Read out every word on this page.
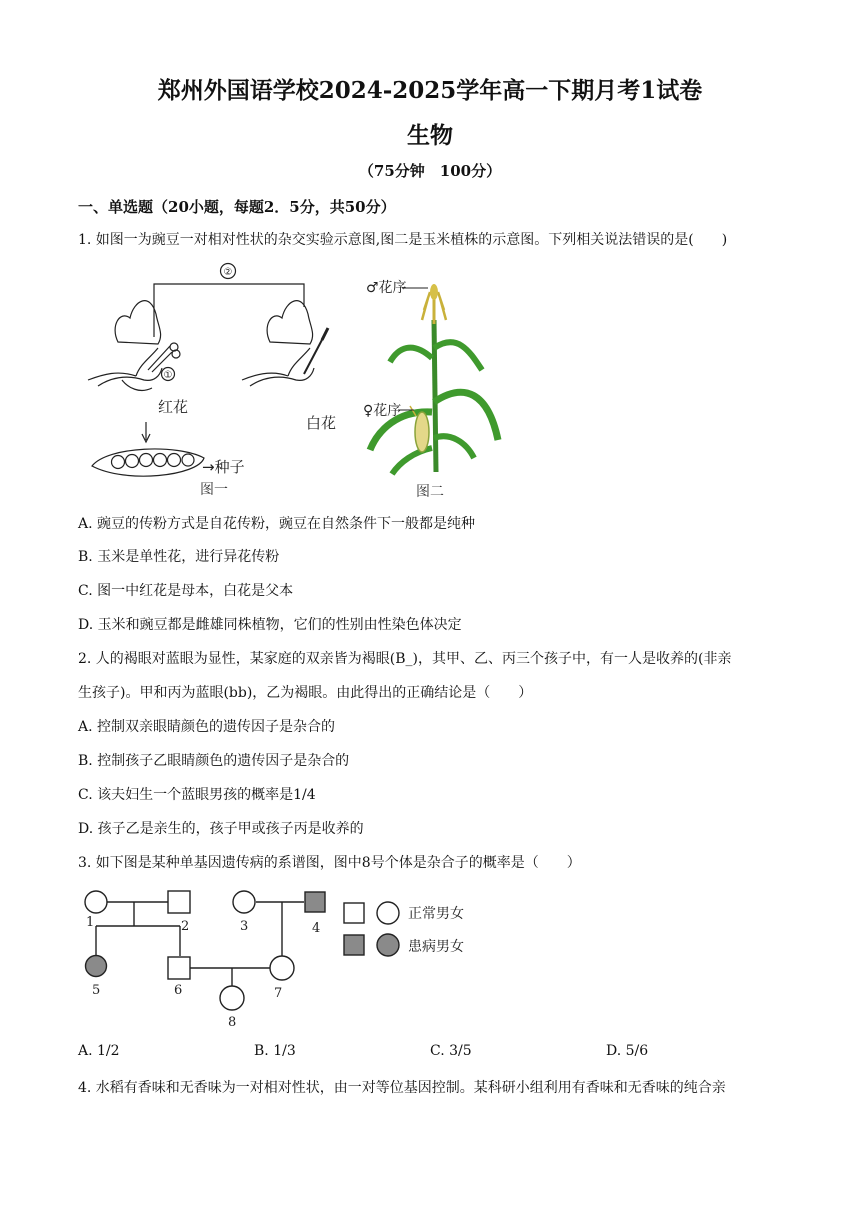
郑州外国语学校2024-2025学年高一下期月考1试卷
生物
（75分钟　100分）
一、单选题（20小题，每题2．5分，共50分）
1. 如图一为豌豆一对相对性状的杂交实验示意图,图二是玉米植株的示意图。下列相关说法错误的是(　　)
②
①
红花
白花
→种子
图一
♂花序
♀花序
图二
A. 豌豆的传粉方式是自花传粉，豌豆在自然条件下一般都是纯种
B. 玉米是单性花，进行异花传粉
C. 图一中红花是母本，白花是父本
D. 玉米和豌豆都是雌雄同株植物，它们的性别由性染色体决定
2. 人的褐眼对蓝眼为显性，某家庭的双亲皆为褐眼(B_)，其甲、乙、丙三个孩子中，有一人是收养的(非亲
生孩子)。甲和丙为蓝眼(bb)，乙为褐眼。由此得出的正确结论是（　　）
A. 控制双亲眼睛颜色的遗传因子是杂合的
B. 控制孩子乙眼睛颜色的遗传因子是杂合的
C. 该夫妇生一个蓝眼男孩的概率是1/4
D. 孩子乙是亲生的，孩子甲或孩子丙是收养的
3. 如下图是某种单基因遗传病的系谱图，图中8号个体是杂合子的概率是（　　）
1	2	3	4
5	6	7
8
正常男女
患病男女
A. 1/2	B. 1/3	C. 3/5	D. 5/6
4. 水稻有香味和无香味为一对相对性状，由一对等位基因控制。某科研小组利用有香味和无香味的纯合亲
